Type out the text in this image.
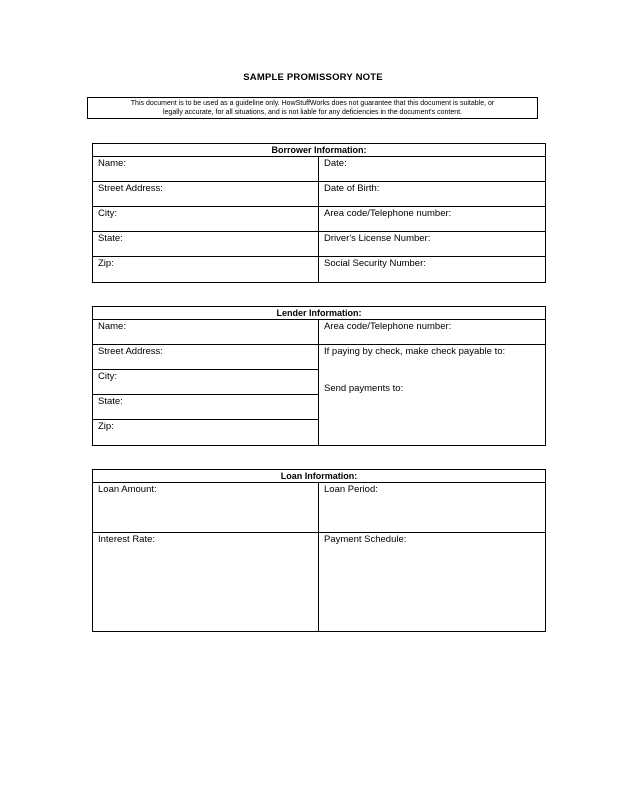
SAMPLE PROMISSORY NOTE
This document is to be used as a guideline only. HowStuffWorks does not guarantee that this document is suitable, or
legally accurate, for all situations, and is not liable for any deficiencies in the document's content.
Borrower Information:
Name:
Street Address:
City:
State:
Zip:
Date:
Date of Birth:
Area code/Telephone number:
Driver's License Number:
Social Security Number:
Lender Information:
Name:
Street Address:
City:
State:
Zip:
Area code/Telephone number:
If paying by check, make check payable to:
Send payments to:
Loan Information:
Loan Amount:
Interest Rate:
Loan Period:
Payment Schedule:
